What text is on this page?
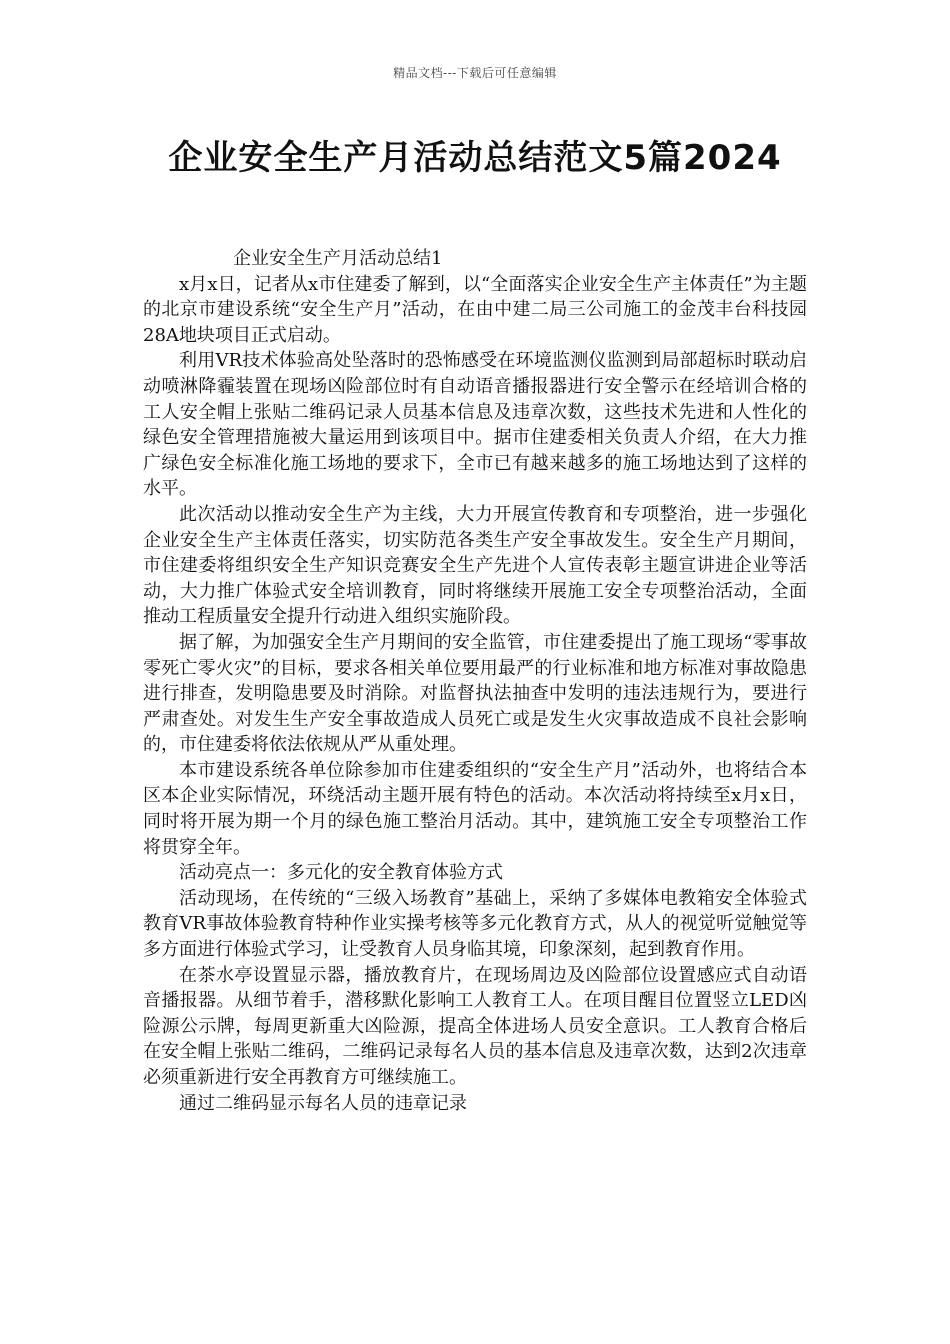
精品文档---下载后可任意编辑
企业安全生产月活动总结范文5篇2024

企业安全生产月活动总结1

x月x日，记者从x市住建委了解到，以“全面落实企业安全生产主体责任”为主题的北京市建设系统“安全生产月”活动，在由中建二局三公司施工的金茂丰台科技园28A地块项目正式启动。

利用VR技术体验高处坠落时的恐怖感受在环境监测仪监测到局部超标时联动启动喷淋降霾装置在现场凶险部位时有自动语音播报器进行安全警示在经培训合格的工人安全帽上张贴二维码记录人员基本信息及违章次数，这些技术先进和人性化的绿色安全管理措施被大量运用到该项目中。据市住建委相关负责人介绍，在大力推广绿色安全标准化施工场地的要求下，全市已有越来越多的施工场地达到了这样的水平。

此次活动以推动安全生产为主线，大力开展宣传教育和专项整治，进一步强化企业安全生产主体责任落实，切实防范各类生产安全事故发生。安全生产月期间，市住建委将组织安全生产知识竞赛安全生产先进个人宣传表彰主题宣讲进企业等活动，大力推广体验式安全培训教育，同时将继续开展施工安全专项整治活动，全面推动工程质量安全提升行动进入组织实施阶段。

据了解，为加强安全生产月期间的安全监管，市住建委提出了施工现场“零事故零死亡零火灾”的目标，要求各相关单位要用最严的行业标准和地方标准对事故隐患进行排查，发明隐患要及时消除。对监督执法抽查中发明的违法违规行为，要进行严肃查处。对发生生产安全事故造成人员死亡或是发生火灾事故造成不良社会影响的，市住建委将依法依规从严从重处理。

本市建设系统各单位除参加市住建委组织的“安全生产月”活动外，也将结合本区本企业实际情况，环绕活动主题开展有特色的活动。本次活动将持续至x月x日，同时将开展为期一个月的绿色施工整治月活动。其中，建筑施工安全专项整治工作将贯穿全年。

活动亮点一：多元化的安全教育体验方式

活动现场，在传统的“三级入场教育”基础上，采纳了多媒体电教箱安全体验式教育VR事故体验教育特种作业实操考核等多元化教育方式，从人的视觉听觉触觉等多方面进行体验式学习，让受教育人员身临其境，印象深刻，起到教育作用。

在茶水亭设置显示器，播放教育片，在现场周边及凶险部位设置感应式自动语音播报器。从细节着手，潜移默化影响工人教育工人。在项目醒目位置竖立LED凶险源公示牌，每周更新重大凶险源，提高全体进场人员安全意识。工人教育合格后在安全帽上张贴二维码，二维码记录每名人员的基本信息及违章次数，达到2次违章必须重新进行安全再教育方可继续施工。

通过二维码显示每名人员的违章记录
